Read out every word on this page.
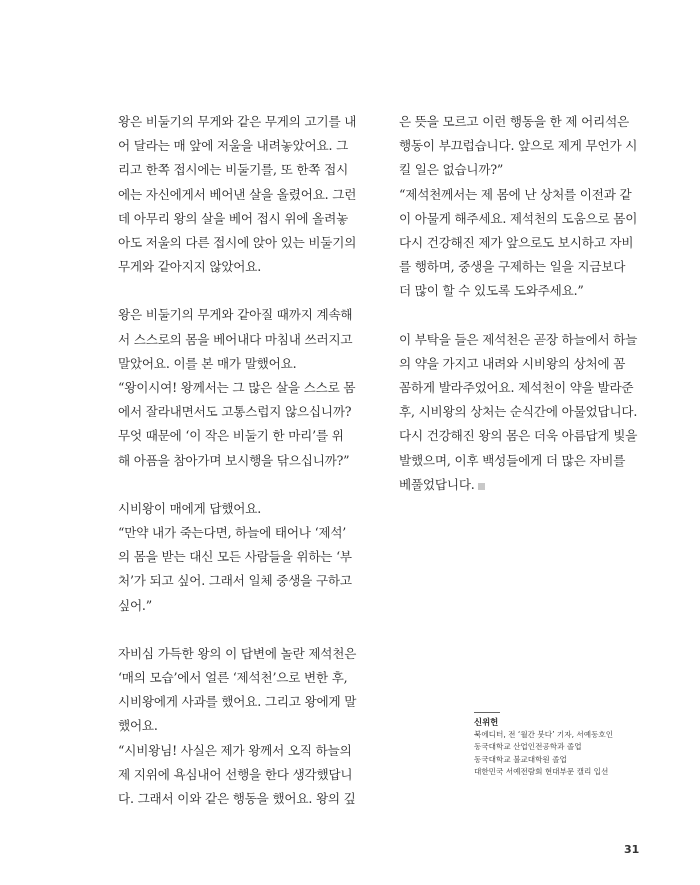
왕은 비둘기의 무게와 같은 무게의 고기를 내
어 달라는 매 앞에 저울을 내려놓았어요. 그
리고 한쪽 접시에는 비둘기를, 또 한쪽 접시
에는 자신에게서 베어낸 살을 올렸어요. 그런
데 아무리 왕의 살을 베어 접시 위에 올려놓
아도 저울의 다른 접시에 앉아 있는 비둘기의
무게와 같아지지 않았어요.
왕은 비둘기의 무게와 같아질 때까지 계속해
서 스스로의 몸을 베어내다 마침내 쓰러지고
말았어요. 이를 본 매가 말했어요.
“왕이시여! 왕께서는 그 많은 살을 스스로 몸
에서 잘라내면서도 고통스럽지 않으십니까?
무엇 때문에 ‘이 작은 비둘기 한 마리’를 위
해 아픔을 참아가며 보시행을 닦으십니까?”
시비왕이 매에게 답했어요.
“만약 내가 죽는다면, 하늘에 태어나 ‘제석’
의 몸을 받는 대신 모든 사람들을 위하는 ‘부
처’가 되고 싶어. 그래서 일체 중생을 구하고
싶어.”
자비심 가득한 왕의 이 답변에 놀란 제석천은
‘매의 모습’에서 얼른 ‘제석천’으로 변한 후,
시비왕에게 사과를 했어요. 그리고 왕에게 말
했어요.
“시비왕님! 사실은 제가 왕께서 오직 하늘의
제 지위에 욕심내어 선행을 한다 생각했답니
다. 그래서 이와 같은 행동을 했어요. 왕의 깊
은 뜻을 모르고 이런 행동을 한 제 어리석은
행동이 부끄럽습니다. 앞으로 제게 무언가 시
킬 일은 없습니까?”
“제석천께서는 제 몸에 난 상처를 이전과 같
이 아물게 해주세요. 제석천의 도움으로 몸이
다시 건강해진 제가 앞으로도 보시하고 자비
를 행하며, 중생을 구제하는 일을 지금보다
더 많이 할 수 있도록 도와주세요.”
이 부탁을 들은 제석천은 곧장 하늘에서 하늘
의 약을 가지고 내려와 시비왕의 상처에 꼼
꼼하게 발라주었어요. 제석천이 약을 발라준
후, 시비왕의 상처는 순식간에 아물었답니다.
다시 건강해진 왕의 몸은 더욱 아름답게 빛을
발했으며, 이후 백성들에게 더 많은 자비를
베풀었답니다.
신위헌
북에디터, 전 ‘월간 붓다’ 기자, 서예동호인
동국대학교 산업인전공학과 졸업
동국대학교 불교대학원 졸업
대한민국 서예전람회 현대부문 캘리 입선
31
